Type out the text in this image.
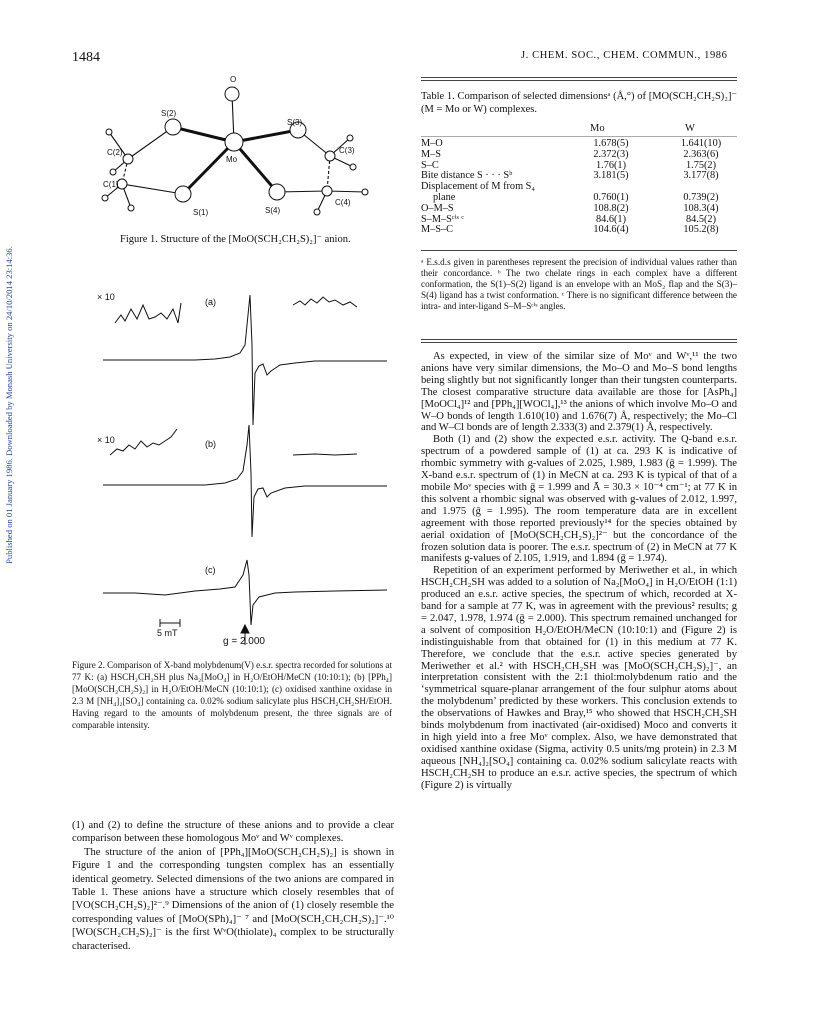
1484	J. CHEM. SOC., CHEM. COMMUN., 1986
Published on 01 January 1986. Downloaded by Monash University on 24/10/2014 23:14:36.
O
S(2)
S(3)
C(2)	C(3)
Mo
C(1)
S(1)	S(4)
C(4)
Figure 1. Structure of the [MoO(SCH₂CH₂S)₂]⁻ anion.
× 10	(a)
× 10	(b)
(c)
5 mT
g = 2.000
Figure 2. Comparison of X-band molybdenum(V) e.s.r. spectra recorded for solutions at 77 K: (a) HSCH₂CH₂SH plus Na₂[MoO₄] in H₂O/EtOH/MeCN (10:10:1); (b) [PPh₄][MoO(SCH₂CH₂S)₂] in H₂O/EtOH/MeCN (10:10:1); (c) oxidised xanthine oxidase in 2.3 M [NH₄]₂[SO₄] containing ca. 0.02% sodium salicylate plus HSCH₂CH₂SH/EtOH. Having regard to the amounts of molybdenum present, the three signals are of comparable intensity.

(1) and (2) to define the structure of these anions and to provide a clear comparison between these homologous Moᵛ and Wᵛ complexes.

The structure of the anion of [PPh₄][MoO(SCH₂CH₂S)₂] is shown in Figure 1 and the corresponding tungsten complex has an essentially identical geometry. Selected dimensions of the two anions are compared in Table 1. These anions have a structure which closely resembles that of [VO(SCH₂CH₂S)₂]²⁻.⁹ Dimensions of the anion of (1) closely resemble the corresponding values of [MoO(SPh)₄]⁻ ⁷ and [MoO(SCH₂CH₂CH₂S)₂]⁻.¹⁰ [WO(SCH₂CH₂S)₂]⁻ is the first WᵛO(thiolate)₄ complex to be structurally characterised.

Table 1. Comparison of selected dimensionsᵃ (Å,°) of [MO(SCH₂CH₂S)₂]⁻ (M = Mo or W) complexes.
Mo	W
M–O	1.678(5)	1.641(10)
M–S	2.372(3)	2.363(6)
S–C	1.76(1)	1.75(2)
Bite distance S · · · Sᵇ	3.181(5)	3.177(8)
Displacement of M from S₄
plane	0.760(1)	0.739(2)
O–M–S	108.8(2)	108.3(4)
S–M–Sᶜⁱˢ ᶜ	84.6(1)	84.5(2)
M–S–C	104.6(4)	105.2(8)
ᵃ E.s.d.s given in parentheses represent the precision of individual values rather than their concordance. ᵇ The two chelate rings in each complex have a different conformation, the S(1)–S(2) ligand is an envelope with an MoS₂ flap and the S(3)–S(4) ligand has a twist conformation. ᶜ There is no significant difference between the intra- and inter-ligand S–M–Sᶜⁱˢ angles.

As expected, in view of the similar size of Moᵛ and Wᵛ,¹¹ the two anions have very similar dimensions, the Mo–O and Mo–S bond lengths being slightly but not significantly longer than their tungsten counterparts. The closest comparative structure data available are those for [AsPh₄][MoOCl₄]¹² and [PPh₄][WOCl₄],¹³ the anions of which involve Mo–O and W–O bonds of length 1.610(10) and 1.676(7) Å, respectively; the Mo–Cl and W–Cl bonds are of length 2.333(3) and 2.379(1) Å, respectively.

Both (1) and (2) show the expected e.s.r. activity. The Q-band e.s.r. spectrum of a powdered sample of (1) at ca. 293 K is indicative of rhombic symmetry with g-values of 2.025, 1.989, 1.983 (ḡ = 1.999). The X-band e.s.r. spectrum of (1) in MeCN at ca. 293 K is typical of that of a mobile Moᵛ species with ḡ = 1.999 and Ā = 30.3 × 10⁻⁴ cm⁻¹; at 77 K in this solvent a rhombic signal was observed with g-values of 2.012, 1.997, and 1.975 (ḡ = 1.995). The room temperature data are in excellent agreement with those reported previously¹⁴ for the species obtained by aerial oxidation of [MoO(SCH₂CH₂S)₂]²⁻ but the concordance of the frozen solution data is poorer. The e.s.r. spectrum of (2) in MeCN at 77 K manifests g-values of 2.105, 1.919, and 1.894 (ḡ = 1.974).

Repetition of an experiment performed by Meriwether et al., in which HSCH₂CH₂SH was added to a solution of Na₂[MoO₄] in H₂O/EtOH (1:1) produced an e.s.r. active species, the spectrum of which, recorded at X-band for a sample at 77 K, was in agreement with the previous² results; g = 2.047, 1.978, 1.974 (ḡ = 2.000). This spectrum remained unchanged for a solvent of composition H₂O/EtOH/MeCN (10:10:1) and (Figure 2) is indistinguishable from that obtained for (1) in this medium at 77 K. Therefore, we conclude that the e.s.r. active species generated by Meriwether et al.² with HSCH₂CH₂SH was [MoO(SCH₂CH₂S)₂]⁻, an interpretation consistent with the 2:1 thiol:molybdenum ratio and the ‘symmetrical square-planar arrangement of the four sulphur atoms about the molybdenum’ predicted by these workers. This conclusion extends to the observations of Hawkes and Bray,¹⁵ who showed that HSCH₂CH₂SH binds molybdenum from inactivated (air-oxidised) Moco and converts it in high yield into a free Moᵛ complex. Also, we have demonstrated that oxidised xanthine oxidase (Sigma, activity 0.5 units/mg protein) in 2.3 M aqueous [NH₄]₂[SO₄] containing ca. 0.02% sodium salicylate reacts with HSCH₂CH₂SH to produce an e.s.r. active species, the spectrum of which (Figure 2) is virtually
